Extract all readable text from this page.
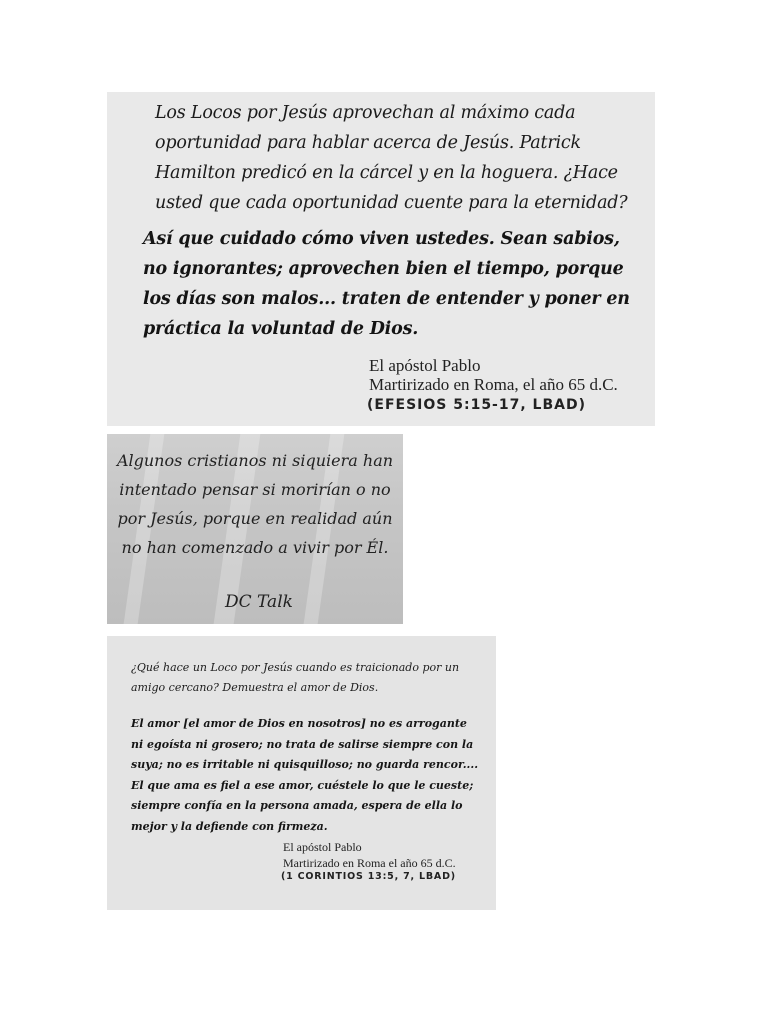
Los Locos por Jesús aprovechan al máximo cada oportunidad para hablar acerca de Jesús. Patrick Hamilton predicó en la cárcel y en la hoguera. ¿Hace usted que cada oportunidad cuente para la eternidad?
Así que cuidado cómo viven ustedes. Sean sabios, no ignorantes; aprovechen bien el tiempo, porque los días son malos... traten de entender y poner en práctica la voluntad de Dios.
El apóstol Pablo
Martirizado en Roma, el año 65 d.C.
(EFESIOS 5:15-17, LBAD)
Algunos cristianos ni siquiera han intentado pensar si morirían o no por Jesús, porque en realidad aún no han comenzado a vivir por Él.
DC Talk
¿Qué hace un Loco por Jesús cuando es traicionado por un amigo cercano? Demuestra el amor de Dios.
El amor [el amor de Dios en nosotros] no es arrogante ni egoísta ni grosero; no trata de salirse siempre con la suya; no es irritable ni quisquilloso; no guarda rencor.... El que ama es fiel a ese amor, cuéstele lo que le cueste; siempre confía en la persona amada, espera de ella lo mejor y la defiende con firmeza.
El apóstol Pablo
Martirizado en Roma el año 65 d.C.
(1 CORINTIOS 13:5, 7, LBAD)
